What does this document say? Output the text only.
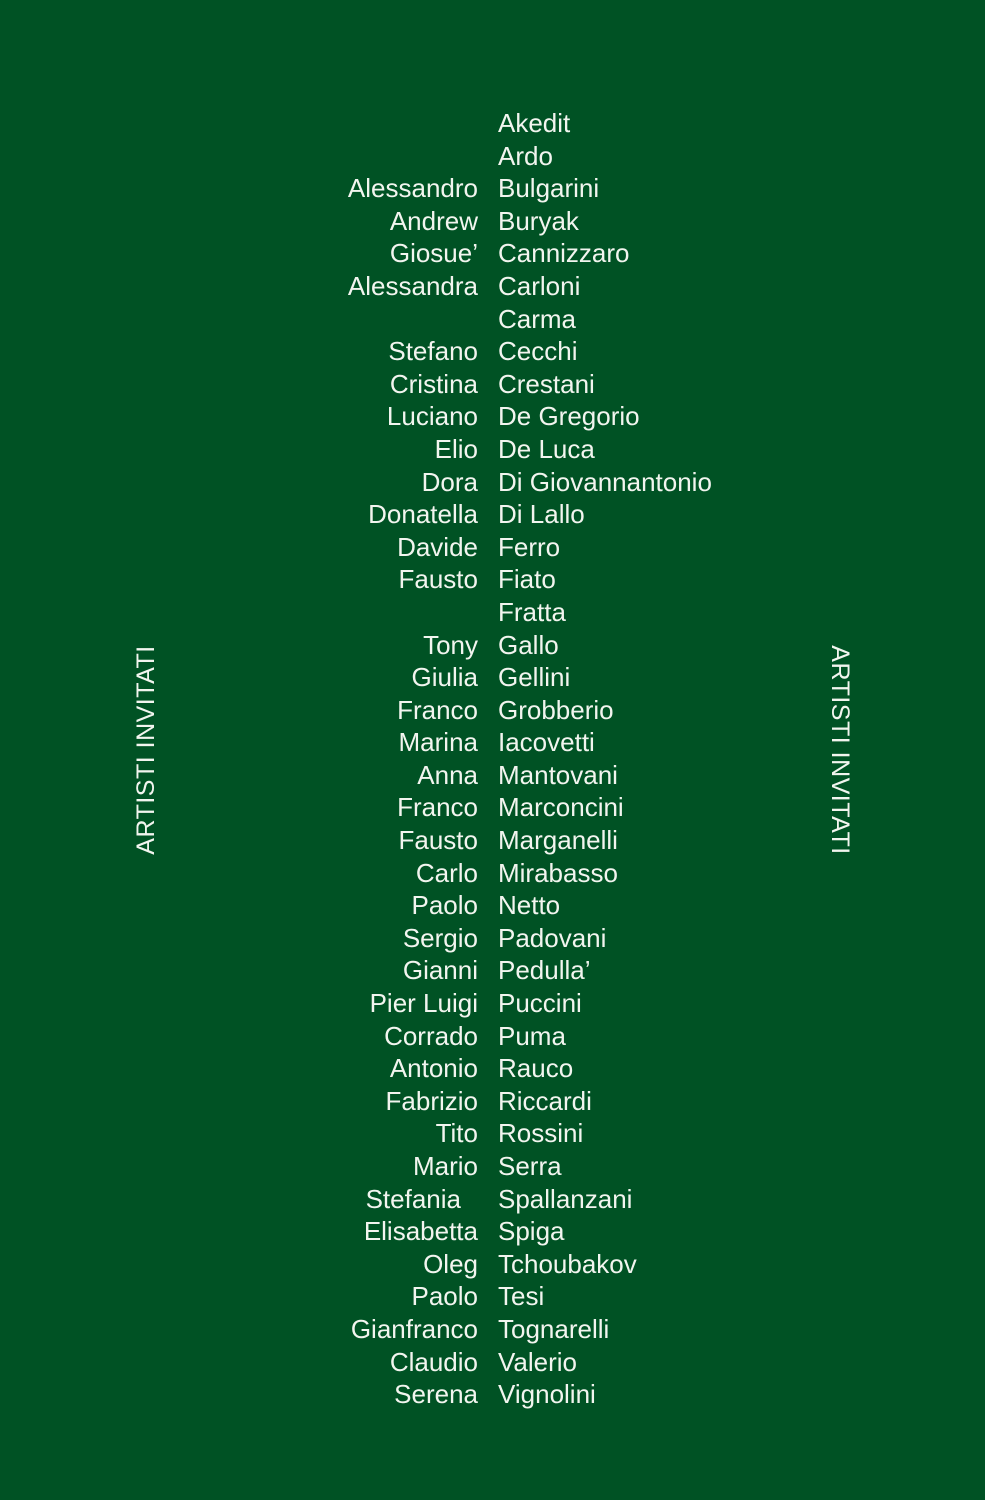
ARTISTI INVITATI	ARTISTI INVITATI
Akedit
Ardo
Alessandro Bulgarini
Andrew Buryak
Giosue’ Cannizzaro
Alessandra Carloni
Carma
Stefano Cecchi
Cristina Crestani
Luciano De Gregorio
Elio De Luca
Dora Di Giovannantonio
Donatella Di Lallo
Davide Ferro
Fausto Fiato
Fratta
Tony Gallo
Giulia Gellini
Franco Grobberio
Marina Iacovetti
Anna Mantovani
Franco Marconcini
Fausto Marganelli
Carlo Mirabasso
Paolo Netto
Sergio Padovani
Gianni Pedulla’
Pier Luigi Puccini
Corrado Puma
Antonio Rauco
Fabrizio Riccardi
Tito Rossini
Mario Serra
Stefania Spallanzani
Elisabetta Spiga
Oleg Tchoubakov
Paolo Tesi
Gianfranco Tognarelli
Claudio Valerio
Serena Vignolini
